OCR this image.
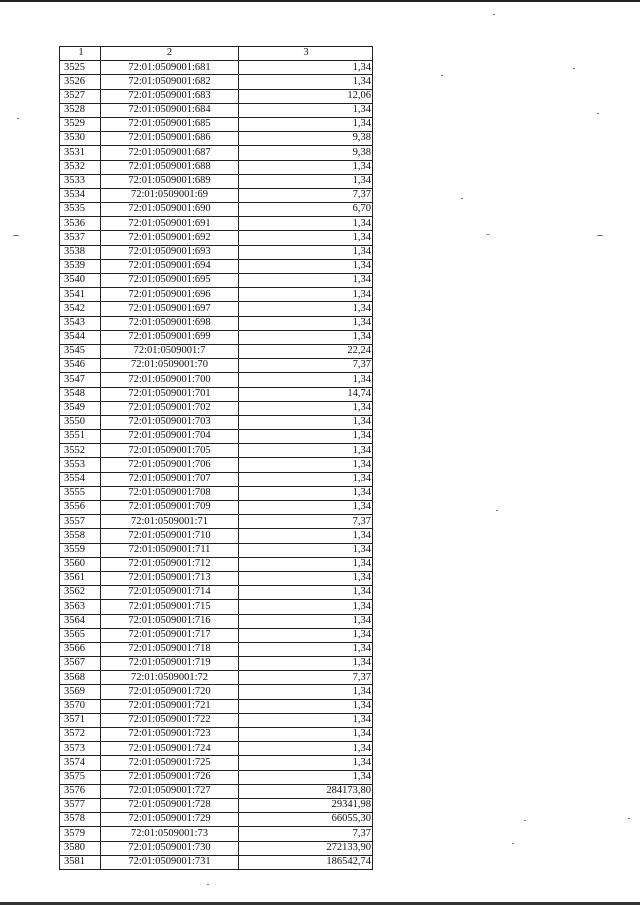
1	2	3
3525	72:01:0509001:681	1,34
3526	72:01:0509001:682	1,34
3527	72:01:0509001:683	12,06
3528	72:01:0509001:684	1,34
3529	72:01:0509001:685	1,34
3530	72:01:0509001:686	9,38
3531	72:01:0509001:687	9,38
3532	72:01:0509001:688	1,34
3533	72:01:0509001:689	1,34
3534	72:01:0509001:69	7,37
3535	72:01:0509001:690	6,70
3536	72:01:0509001:691	1,34
3537	72:01:0509001:692	1,34
3538	72:01:0509001:693	1,34
3539	72:01:0509001:694	1,34
3540	72:01:0509001:695	1,34
3541	72:01:0509001:696	1,34
3542	72:01:0509001:697	1,34
3543	72:01:0509001:698	1,34
3544	72:01:0509001:699	1,34
3545	72:01:0509001:7	22,24
3546	72:01:0509001:70	7,37
3547	72:01:0509001:700	1,34
3548	72:01:0509001:701	14,74
3549	72:01:0509001:702	1,34
3550	72:01:0509001:703	1,34
3551	72:01:0509001:704	1,34
3552	72:01:0509001:705	1,34
3553	72:01:0509001:706	1,34
3554	72:01:0509001:707	1,34
3555	72:01:0509001:708	1,34
3556	72:01:0509001:709	1,34
3557	72:01:0509001:71	7,37
3558	72:01:0509001:710	1,34
3559	72:01:0509001:711	1,34
3560	72:01:0509001:712	1,34
3561	72:01:0509001:713	1,34
3562	72:01:0509001:714	1,34
3563	72:01:0509001:715	1,34
3564	72:01:0509001:716	1,34
3565	72:01:0509001:717	1,34
3566	72:01:0509001:718	1,34
3567	72:01:0509001:719	1,34
3568	72:01:0509001:72	7,37
3569	72:01:0509001:720	1,34
3570	72:01:0509001:721	1,34
3571	72:01:0509001:722	1,34
3572	72:01:0509001:723	1,34
3573	72:01:0509001:724	1,34
3574	72:01:0509001:725	1,34
3575	72:01:0509001:726	1,34
3576	72:01:0509001:727	284173,80
3577	72:01:0509001:728	29341,98
3578	72:01:0509001:729	66055,30
3579	72:01:0509001:73	7,37
3580	72:01:0509001:730	272133,90
3581	72:01:0509001:731	186542,74
